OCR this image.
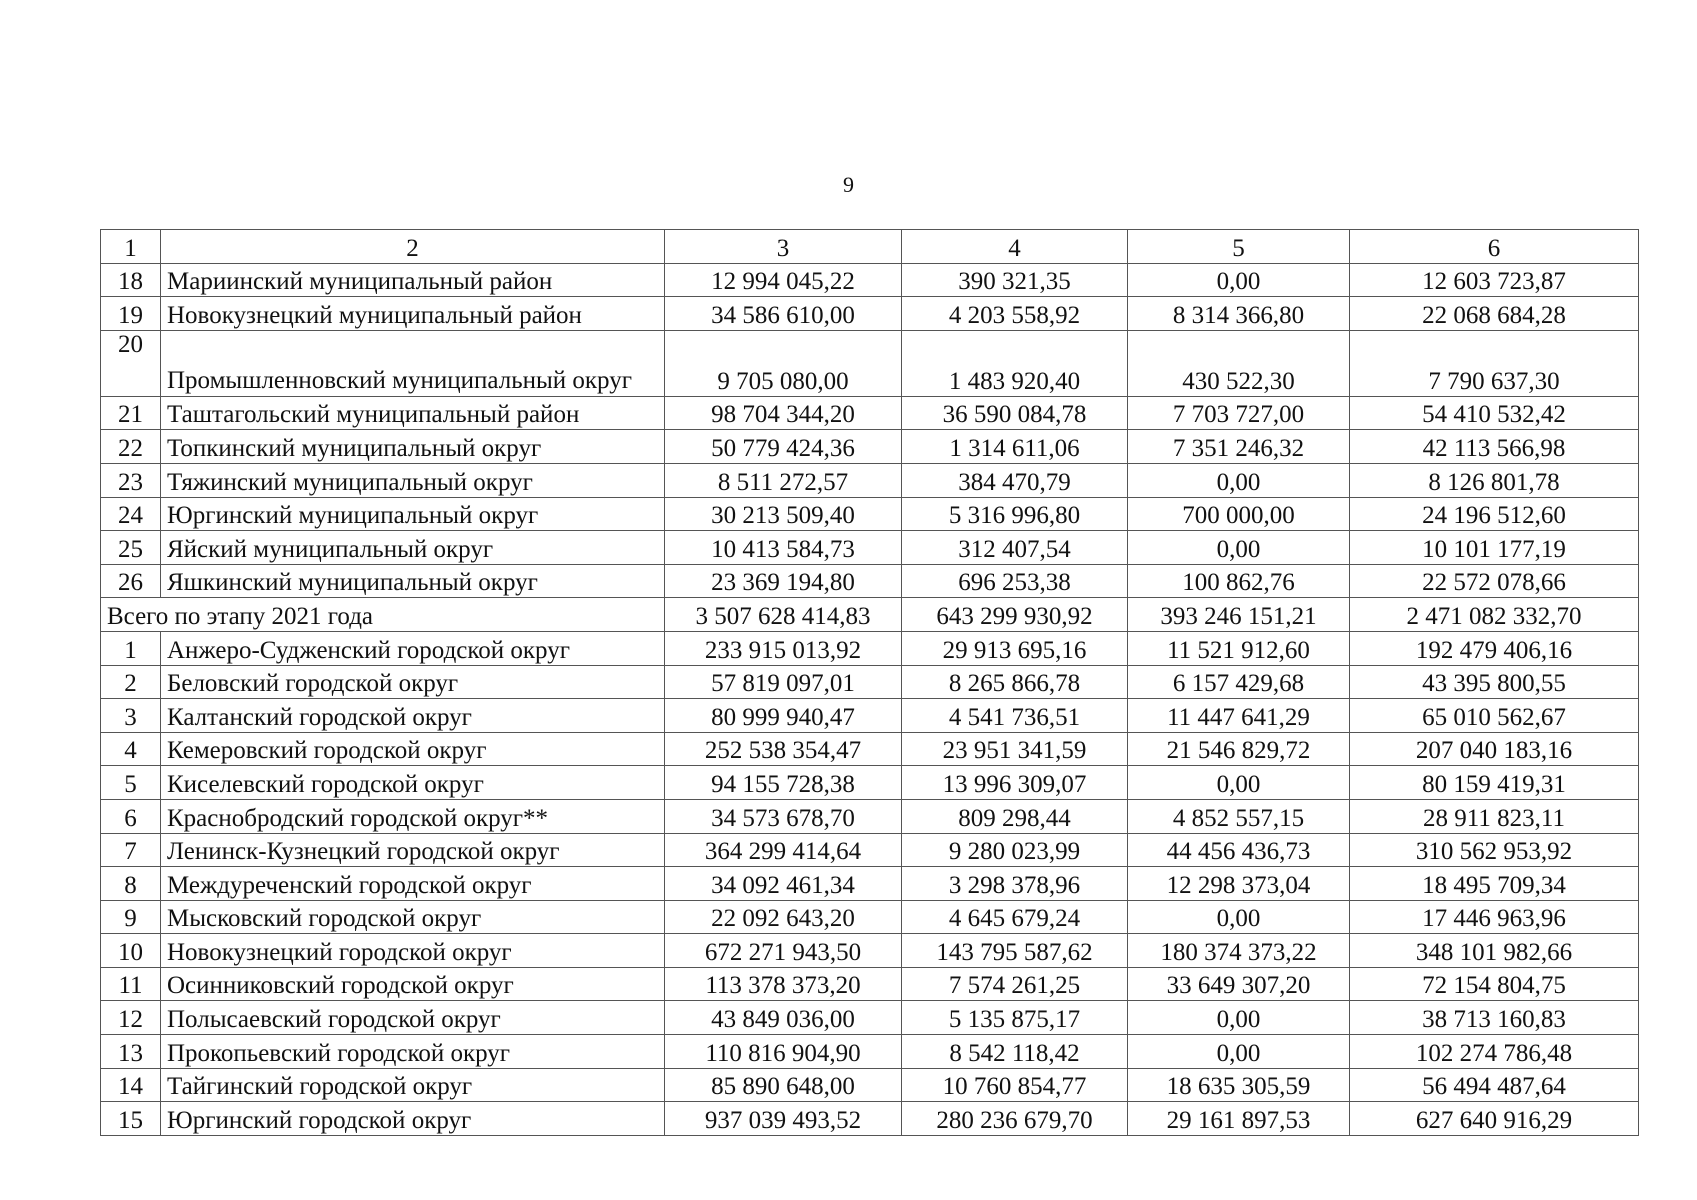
9
1	2	3	4	5	6
18	Мариинский муниципальный район	12 994 045,22	390 321,35	0,00	12 603 723,87
19	Новокузнецкий муниципальный район	34 586 610,00	4 203 558,92	8 314 366,80	22 068 684,28
20	Промышленновский муниципальный округ	9 705 080,00	1 483 920,40	430 522,30	7 790 637,30
21	Таштагольский муниципальный район	98 704 344,20	36 590 084,78	7 703 727,00	54 410 532,42
22	Топкинский муниципальный округ	50 779 424,36	1 314 611,06	7 351 246,32	42 113 566,98
23	Тяжинский муниципальный округ	8 511 272,57	384 470,79	0,00	8 126 801,78
24	Юргинский муниципальный округ	30 213 509,40	5 316 996,80	700 000,00	24 196 512,60
25	Яйский муниципальный округ	10 413 584,73	312 407,54	0,00	10 101 177,19
26	Яшкинский муниципальный округ	23 369 194,80	696 253,38	100 862,76	22 572 078,66
Всего по этапу 2021 года		3 507 628 414,83	643 299 930,92	393 246 151,21	2 471 082 332,70
1	Анжеро-Судженский городской округ	233 915 013,92	29 913 695,16	11 521 912,60	192 479 406,16
2	Беловский городской округ	57 819 097,01	8 265 866,78	6 157 429,68	43 395 800,55
3	Калтанский городской округ	80 999 940,47	4 541 736,51	11 447 641,29	65 010 562,67
4	Кемеровский городской округ	252 538 354,47	23 951 341,59	21 546 829,72	207 040 183,16
5	Киселевский городской округ	94 155 728,38	13 996 309,07	0,00	80 159 419,31
6	Краснобродский городской округ**	34 573 678,70	809 298,44	4 852 557,15	28 911 823,11
7	Ленинск-Кузнецкий городской округ	364 299 414,64	9 280 023,99	44 456 436,73	310 562 953,92
8	Междуреченский городской округ	34 092 461,34	3 298 378,96	12 298 373,04	18 495 709,34
9	Мысковский городской округ	22 092 643,20	4 645 679,24	0,00	17 446 963,96
10	Новокузнецкий городской округ	672 271 943,50	143 795 587,62	180 374 373,22	348 101 982,66
11	Осинниковский городской округ	113 378 373,20	7 574 261,25	33 649 307,20	72 154 804,75
12	Полысаевский городской округ	43 849 036,00	5 135 875,17	0,00	38 713 160,83
13	Прокопьевский городской округ	110 816 904,90	8 542 118,42	0,00	102 274 786,48
14	Тайгинский городской округ	85 890 648,00	10 760 854,77	18 635 305,59	56 494 487,64
15	Юргинский городской округ	937 039 493,52	280 236 679,70	29 161 897,53	627 640 916,29
